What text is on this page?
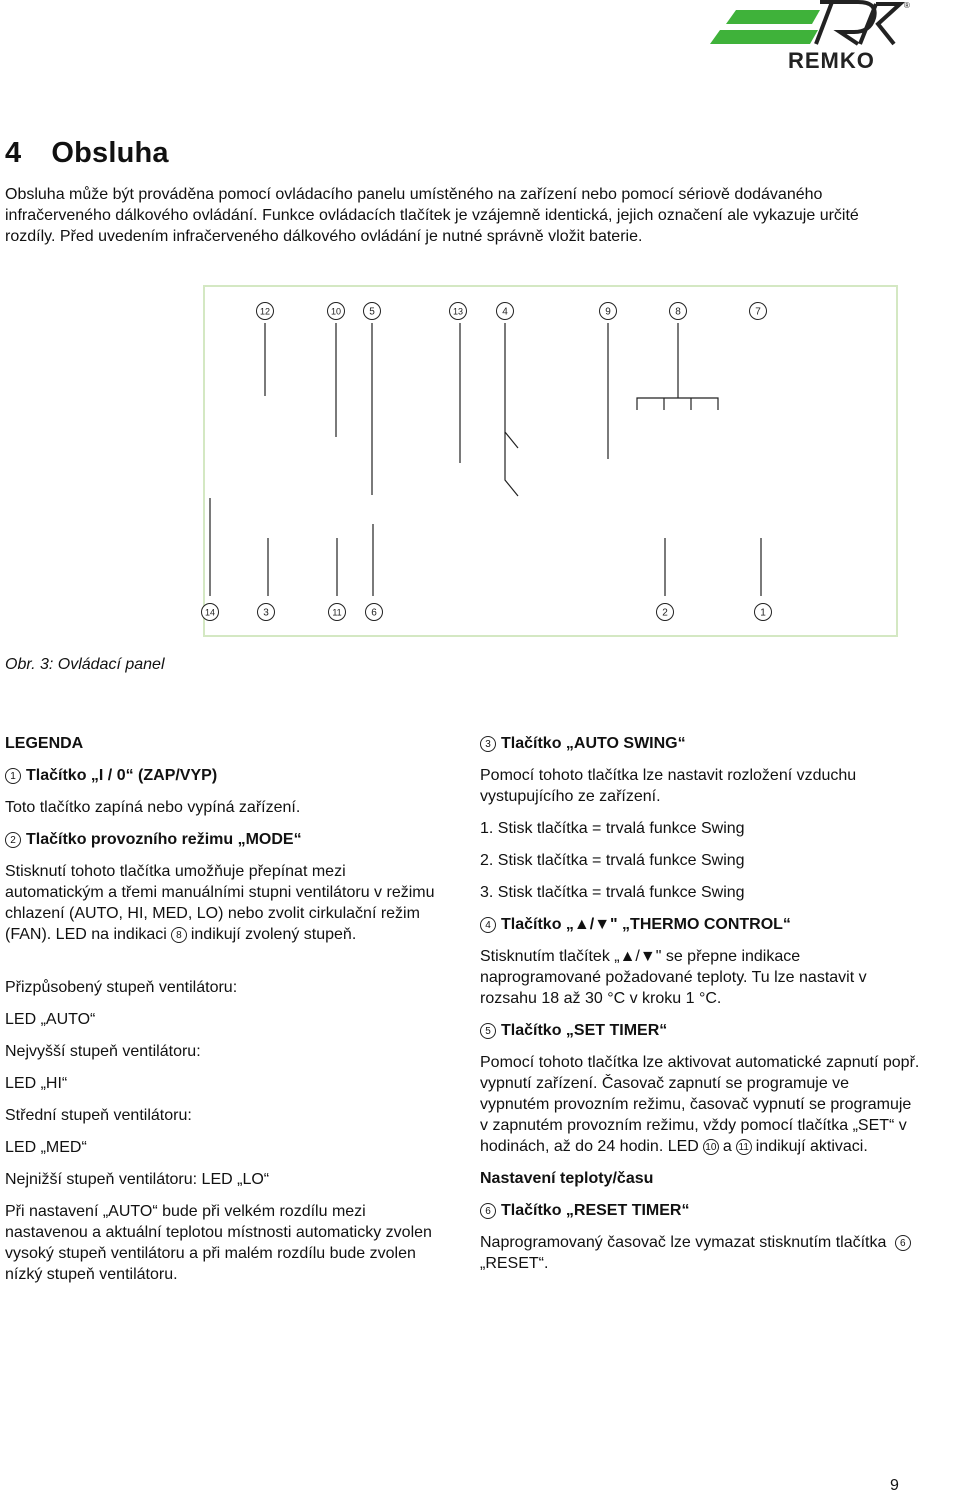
REMKO
®
4 Obsluha

Obsluha může být prováděna pomocí ovládacího panelu umístěného na zařízení nebo pomocí sériově dodávaného infračerveného dálkového ovládání. Funkce ovládacích tlačítek je vzájemně identická, jejich označení ale vykazuje určité rozdíly. Před uvedením infračerveného dálkového ovládání je nutné správně vložit baterie.

12	10	5	13	4	9	8	7
14	3	11	6	2	1

Obr. 3: Ovládací panel

LEGENDA

1 Tlačítko „I / 0“ (ZAP/VYP)

Toto tlačítko zapíná nebo vypíná zařízení.

2 Tlačítko provozního režimu „MODE“

Stisknutí tohoto tlačítka umožňuje přepínat mezi automatickým a třemi manuálními stupni ventilátoru v režimu chlazení (AUTO, HI, MED, LO) nebo zvolit cirkulační režim (FAN). LED na indikaci 8 indikují zvolený stupeň.

Přizpůsobený stupeň ventilátoru:

LED „AUTO“

Nejvyšší stupeň ventilátoru:

LED „HI“

Střední stupeň ventilátoru:

LED „MED“

Nejnižší stupeň ventilátoru: LED „LO“

Při nastavení „AUTO“ bude při velkém rozdílu mezi nastavenou a aktuální teplotou místnosti automaticky zvolen vysoký stupeň ventilátoru a při malém rozdílu bude zvolen nízký stupeň ventilátoru.

3 Tlačítko „AUTO SWING“

Pomocí tohoto tlačítka lze nastavit rozložení vzduchu vystupujícího ze zařízení.

1. Stisk tlačítka = trvalá funkce Swing

2. Stisk tlačítka = trvalá funkce Swing

3. Stisk tlačítka = trvalá funkce Swing

4 Tlačítko „▲/▼" „THERMO CONTROL“

Stisknutím tlačítek „▲/▼" se přepne indikace naprogramované požadované teploty. Tu lze nastavit v rozsahu 18 až 30 °C v kroku 1 °C.

5 Tlačítko „SET TIMER“

Pomocí tohoto tlačítka lze aktivovat automatické zapnutí popř. vypnutí zařízení. Časovač zapnutí se programuje ve vypnutém provozním režimu, časovač vypnutí se programuje v zapnutém provozním režimu, vždy pomocí tlačítka „SET“ v hodinách, až do 24 hodin. LED 10 a 11 indikují aktivaci.

Nastavení teploty/času

6 Tlačítko „RESET TIMER“

Naprogramovaný časovač lze vymazat stisknutím tlačítka 6„RESET“.

9
